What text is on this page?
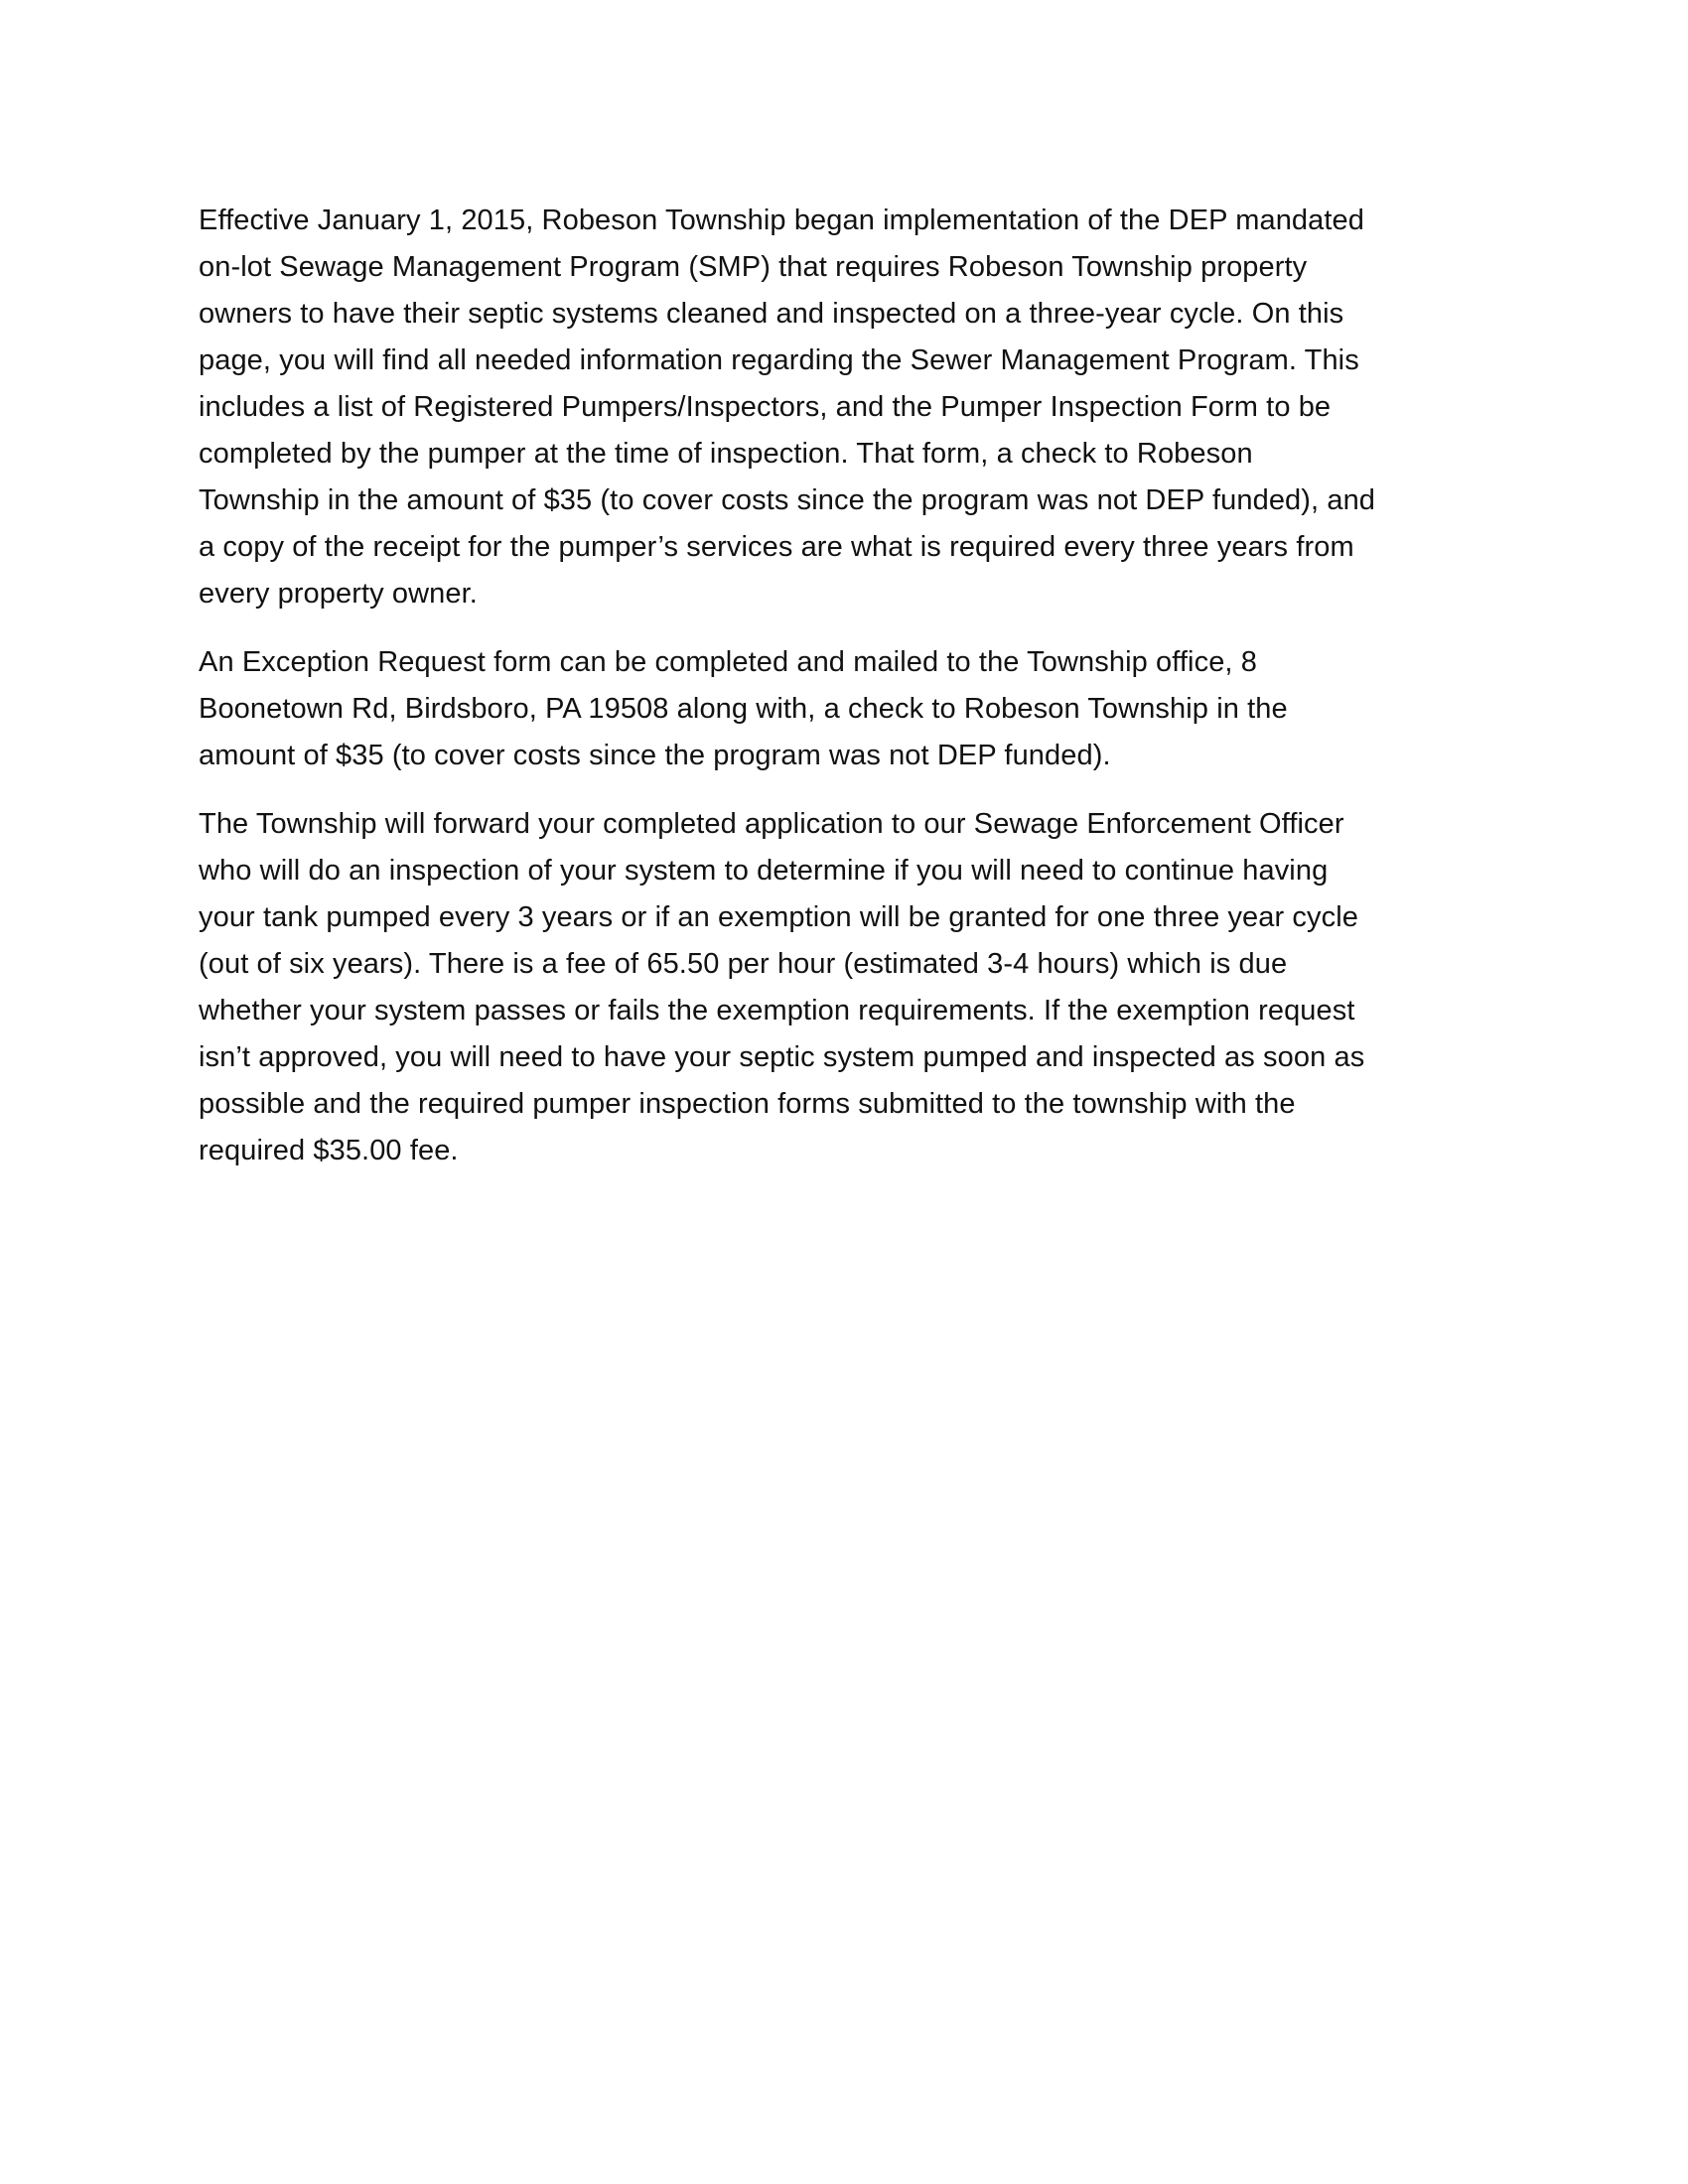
Effective January 1, 2015, Robeson Township began implementation of the DEP mandated
on-lot Sewage Management Program (SMP) that requires Robeson Township property
owners to have their septic systems cleaned and inspected on a three-year cycle. On this
page, you will find all needed information regarding the Sewer Management Program. This
includes a list of Registered Pumpers/Inspectors, and the Pumper Inspection Form to be
completed by the pumper at the time of inspection. That form, a check to Robeson
Township in the amount of $35 (to cover costs since the program was not DEP funded), and
a copy of the receipt for the pumper’s services are what is required every three years from
every property owner.
An Exception Request form can be completed and mailed to the Township office, 8
Boonetown Rd, Birdsboro, PA 19508 along with, a check to Robeson Township in the
amount of $35 (to cover costs since the program was not DEP funded).
The Township will forward your completed application to our Sewage Enforcement Officer
who will do an inspection of your system to determine if you will need to continue having
your tank pumped every 3 years or if an exemption will be granted for one three year cycle
(out of six years). There is a fee of 65.50 per hour (estimated 3-4 hours) which is due
whether your system passes or fails the exemption requirements. If the exemption request
isn’t approved, you will need to have your septic system pumped and inspected as soon as
possible and the required pumper inspection forms submitted to the township with the
required $35.00 fee.
